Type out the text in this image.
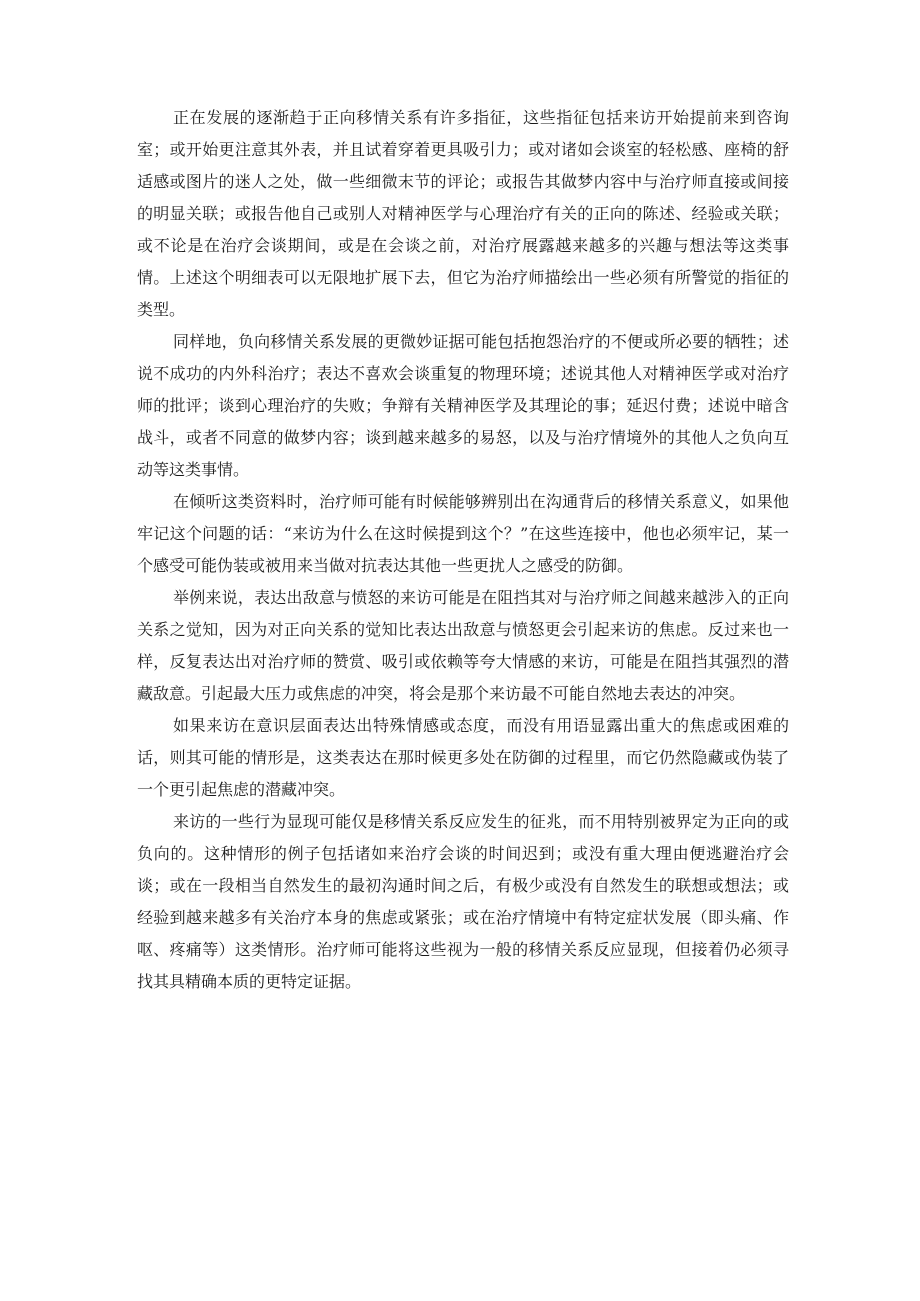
正在发展的逐渐趋于正向移情关系有许多指征，这些指征包括来访开始提前来到咨询室；或开始更注意其外表，并且试着穿着更具吸引力；或对诸如会谈室的轻松感、座椅的舒适感或图片的迷人之处，做一些细微末节的评论；或报告其做梦内容中与治疗师直接或间接的明显关联；或报告他自己或别人对精神医学与心理治疗有关的正向的陈述、经验或关联；或不论是在治疗会谈期间，或是在会谈之前，对治疗展露越来越多的兴趣与想法等这类事情。上述这个明细表可以无限地扩展下去，但它为治疗师描绘出一些必须有所警觉的指征的类型。

同样地，负向移情关系发展的更微妙证据可能包括抱怨治疗的不便或所必要的牺牲；述说不成功的内外科治疗；表达不喜欢会谈重复的物理环境；述说其他人对精神医学或对治疗师的批评；谈到心理治疗的失败；争辩有关精神医学及其理论的事；延迟付费；述说中暗含战斗，或者不同意的做梦内容；谈到越来越多的易怒，以及与治疗情境外的其他人之负向互动等这类事情。

在倾听这类资料时，治疗师可能有时候能够辨别出在沟通背后的移情关系意义，如果他牢记这个问题的话：“来访为什么在这时候提到这个？”在这些连接中，他也必须牢记，某一个感受可能伪装或被用来当做对抗表达其他一些更扰人之感受的防御。

举例来说，表达出敌意与愤怒的来访可能是在阻挡其对与治疗师之间越来越涉入的正向关系之觉知，因为对正向关系的觉知比表达出敌意与愤怒更会引起来访的焦虑。反过来也一样，反复表达出对治疗师的赞赏、吸引或依赖等夸大情感的来访，可能是在阻挡其强烈的潜藏敌意。引起最大压力或焦虑的冲突，将会是那个来访最不可能自然地去表达的冲突。

如果来访在意识层面表达出特殊情感或态度，而没有用语显露出重大的焦虑或困难的话，则其可能的情形是，这类表达在那时候更多处在防御的过程里，而它仍然隐藏或伪装了一个更引起焦虑的潜藏冲突。

来访的一些行为显现可能仅是移情关系反应发生的征兆，而不用特别被界定为正向的或负向的。这种情形的例子包括诸如来治疗会谈的时间迟到；或没有重大理由便逃避治疗会谈；或在一段相当自然发生的最初沟通时间之后，有极少或没有自然发生的联想或想法；或经验到越来越多有关治疗本身的焦虑或紧张；或在治疗情境中有特定症状发展（即头痛、作呕、疼痛等）这类情形。治疗师可能将这些视为一般的移情关系反应显现，但接着仍必须寻找其具精确本质的更特定证据。
